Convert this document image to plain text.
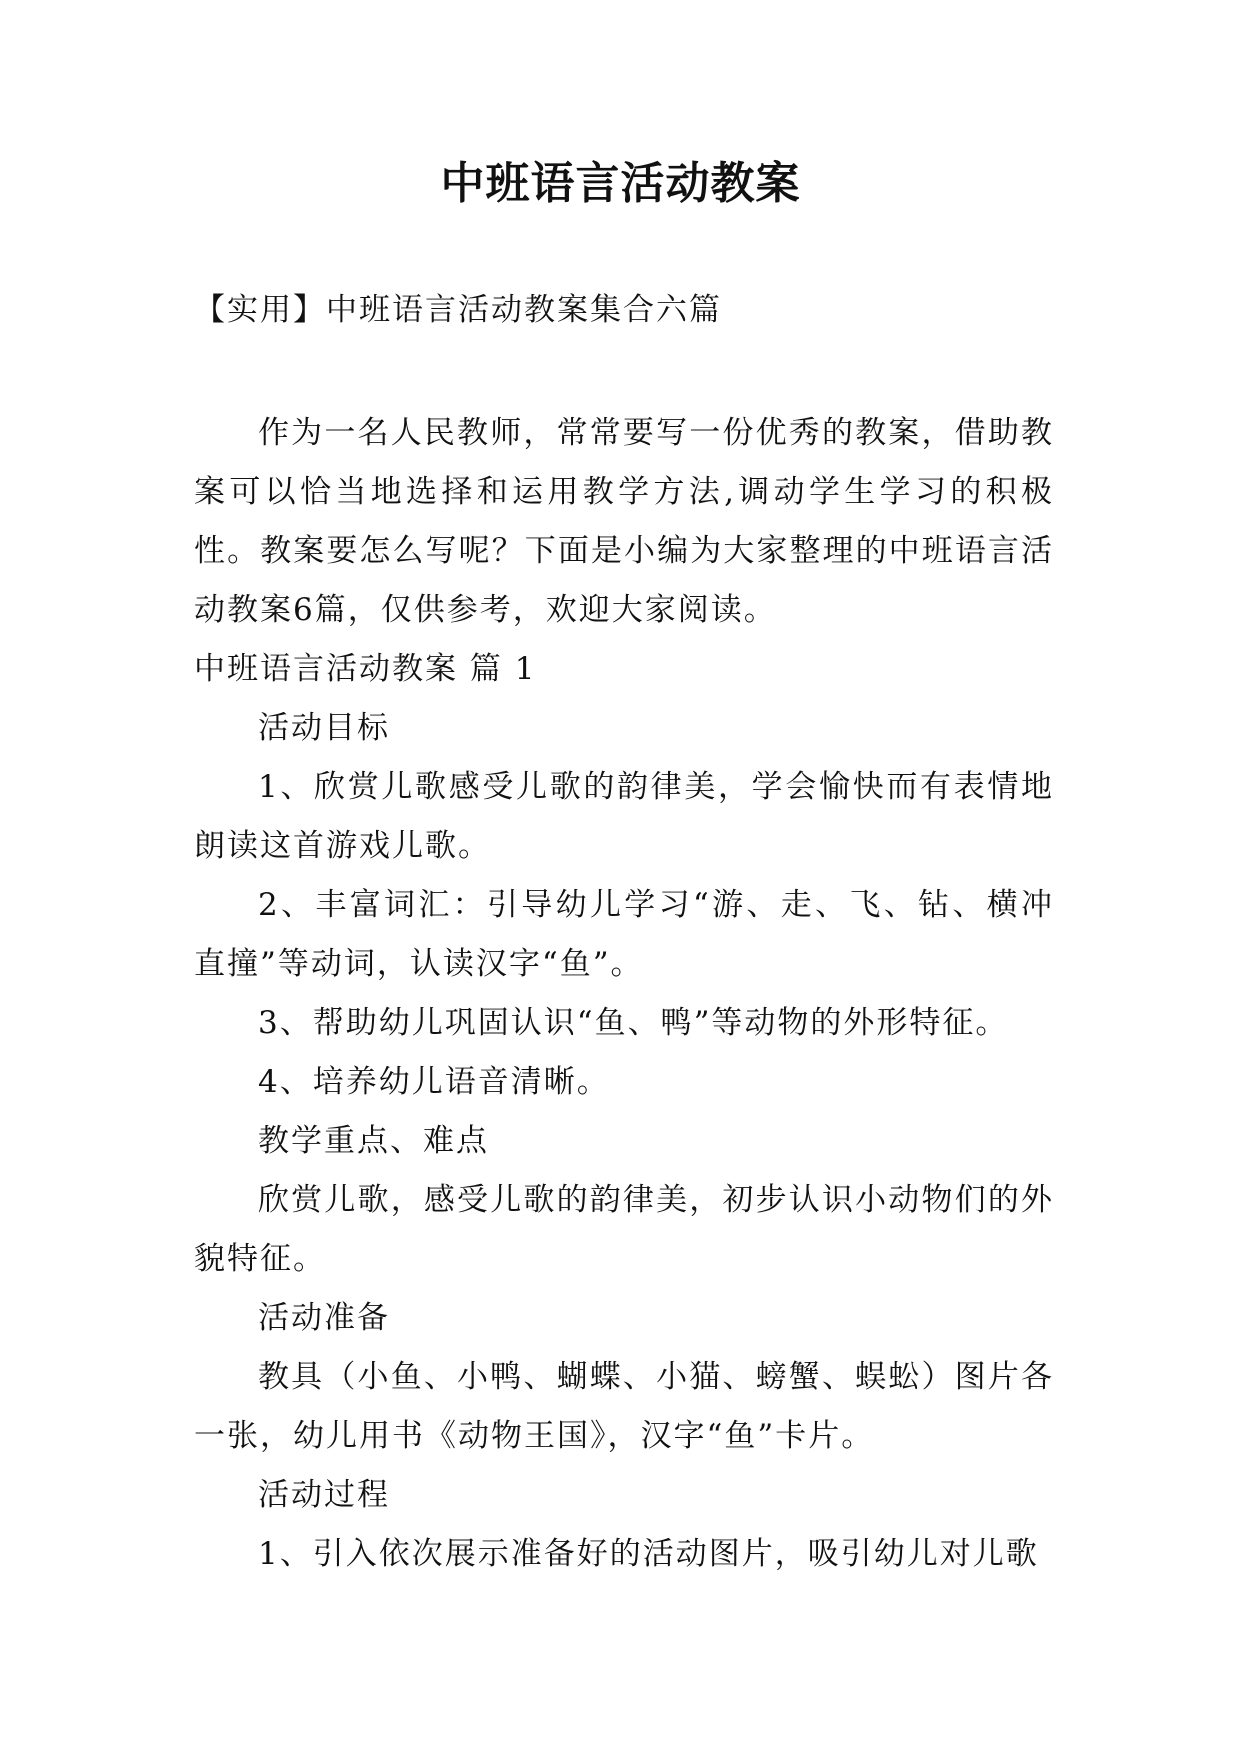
中班语言活动教案
【实用】中班语言活动教案集合六篇

作为一名人民教师，常常要写一份优秀的教案，借助教案可以恰当地选择和运用教学方法,调动学生学习的积极性。教案要怎么写呢？下面是小编为大家整理的中班语言活动教案6篇，仅供参考，欢迎大家阅读。

中班语言活动教案 篇 1

活动目标

1、欣赏儿歌感受儿歌的韵律美，学会愉快而有表情地朗读这首游戏儿歌。

2、丰富词汇：引导幼儿学习“游、走、飞、钻、横冲直撞”等动词，认读汉字“鱼”。

3、帮助幼儿巩固认识“鱼、鸭”等动物的外形特征。

4、培养幼儿语音清晰。

教学重点、难点

欣赏儿歌，感受儿歌的韵律美，初步认识小动物们的外貌特征。

活动准备

教具（小鱼、小鸭、蝴蝶、小猫、螃蟹、蜈蚣）图片各一张，幼儿用书《动物王国》，汉字“鱼”卡片。

活动过程

1、引入依次展示准备好的活动图片，吸引幼儿对儿歌
